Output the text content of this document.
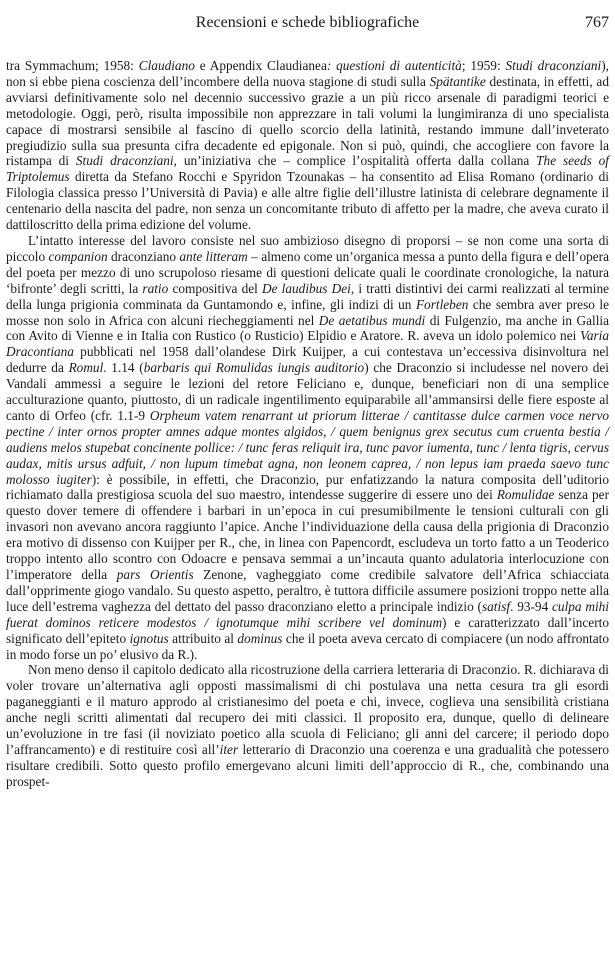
Recensioni e schede bibliografiche	767

tra Symmachum; 1958: Claudiano e Appendix Claudianea: questioni di autenticità; 1959: Studi draconziani), non si ebbe piena coscienza dell’incombere della nuova stagione di studi sulla Spätantike destinata, in effetti, ad avviarsi definitivamente solo nel decennio successivo grazie a un più ricco arsenale di paradigmi teorici e metodologie. Oggi, però, risulta impossibile non apprezzare in tali volumi la lungimiranza di uno specialista capace di mostrarsi sensibile al fascino di quello scorcio della latinità, restando immune dall’inveterato pregiudizio sulla sua presunta cifra decadente ed epigonale. Non si può, quindi, che accogliere con favore la ristampa di Studi draconziani, un’iniziativa che – complice l’ospitalità offerta dalla collana The seeds of Triptolemus diretta da Stefano Rocchi e Spyridon Tzounakas – ha consentito ad Elisa Romano (ordinario di Filologia classica presso l’Università di Pavia) e alle altre figlie dell’illustre latinista di celebrare degnamente il centenario della nascita del padre, non senza un concomitante tributo di affetto per la madre, che aveva curato il dattiloscritto della prima edizione del volume.

L’intatto interesse del lavoro consiste nel suo ambizioso disegno di proporsi – se non come una sorta di piccolo companion draconziano ante litteram – almeno come un’organica messa a punto della figura e dell’opera del poeta per mezzo di uno scrupoloso riesame di questioni delicate quali le coordinate cronologiche, la natura ‘bifronte’ degli scritti, la ratio compositiva del De laudibus Dei, i tratti distintivi dei carmi realizzati al termine della lunga prigionia comminata da Guntamondo e, infine, gli indizi di un Fortleben che sembra aver preso le mosse non solo in Africa con alcuni riecheggiamenti nel De aetatibus mundi di Fulgenzio, ma anche in Gallia con Avito di Vienne e in Italia con Rustico (o Rusticio) Elpidio e Aratore. R. aveva un idolo polemico nei Varia Dracontiana pubblicati nel 1958 dall’olandese Dirk Kuijper, a cui contestava un’eccessiva disinvoltura nel dedurre da Romul. 1.14 (barbaris qui Romulidas iungis auditorio) che Draconzio si includesse nel novero dei Vandali ammessi a seguire le lezioni del retore Feliciano e, dunque, beneficiari non di una semplice acculturazione quanto, piuttosto, di un radicale ingentilimento equiparabile all’ammansirsi delle fiere esposte al canto di Orfeo (cfr. 1.1-9 Orpheum vatem renarrant ut priorum litterae / cantitasse dulce carmen voce nervo pectine / inter ornos propter amnes adque montes algidos, / quem benignus grex secutus cum cruenta bestia / audiens melos stupebat concinente pollice: / tunc feras reliquit ira, tunc pavor iumenta, tunc / lenta tigris, cervus audax, mitis ursus adfuit, / non lupum timebat agna, non leonem caprea, / non lepus iam praeda saevo tunc molosso iugiter): è possibile, in effetti, che Draconzio, pur enfatizzando la natura composita dell’uditorio richiamato dalla prestigiosa scuola del suo maestro, intendesse suggerire di essere uno dei Romulidae senza per questo dover temere di offendere i barbari in un’epoca in cui presumibilmente le tensioni culturali con gli invasori non avevano ancora raggiunto l’apice. Anche l’individuazione della causa della prigionia di Draconzio era motivo di dissenso con Kuijper per R., che, in linea con Papencordt, escludeva un torto fatto a un Teoderico troppo intento allo scontro con Odoacre e pensava semmai a un’incauta quanto adulatoria interlocuzione con l’imperatore della pars Orientis Zenone, vagheggiato come credibile salvatore dell’Africa schiacciata dall’opprimente giogo vandalo. Su questo aspetto, peraltro, è tuttora difficile assumere posizioni troppo nette alla luce dell’estrema vaghezza del dettato del passo draconziano eletto a principale indizio (satisf. 93-94 culpa mihi fuerat dominos reticere modestos / ignotumque mihi scribere vel dominum) e caratterizzato dall’incerto significato dell’epiteto ignotus attribuito al dominus che il poeta aveva cercato di compiacere (un nodo affrontato in modo forse un po’ elusivo da R.).

Non meno denso il capitolo dedicato alla ricostruzione della carriera letteraria di Draconzio. R. dichiarava di voler trovare un’alternativa agli opposti massimalismi di chi postulava una netta cesura tra gli esordi paganeggianti e il maturo approdo al cristianesimo del poeta e chi, invece, coglieva una sensibilità cristiana anche negli scritti alimentati dal recupero dei miti classici. Il proposito era, dunque, quello di delineare un’evoluzione in tre fasi (il noviziato poetico alla scuola di Feliciano; gli anni del carcere; il periodo dopo l’affrancamento) e di restituire così all’iter letterario di Draconzio una coerenza e una gradualità che potessero risultare credibili. Sotto questo profilo emergevano alcuni limiti dell’approccio di R., che, combinando una prospet-
